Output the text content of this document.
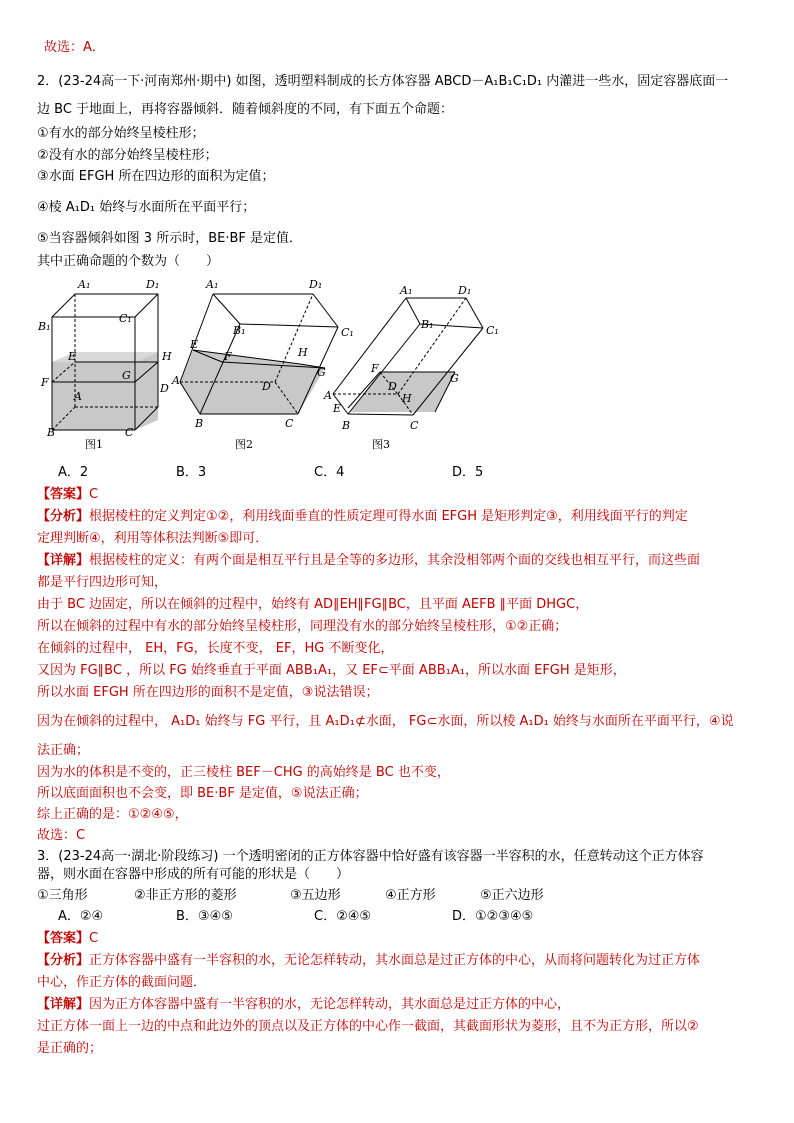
故选：A．
2．(23-24高一下·河南郑州·期中) 如图，透明塑料制成的长方体容器 ABCD－A₁B₁C₁D₁ 内灌进一些水，固定容器底面一
边 BC 于地面上，再将容器倾斜．随着倾斜度的不同，有下面五个命题：
①有水的部分始终呈棱柱形；
②没有水的部分始终呈棱柱形；
③水面 EFGH 所在四边形的面积为定值；
④棱 A₁D₁ 始终与水面所在平面平行；
⑤当容器倾斜如图 3 所示时，BE·BF 是定值．
其中正确命题的个数为（　　）
A₁	D₁
B₁
C₁
E	H
F
G
A
D
B	C
图1
A₁	D₁
B₁	C₁
E
F	H
A
G
D
B	C
图2
A₁	D₁
B₁	C₁
F
G
D
A	H
E
B	C
图3
A．2	B．3	C．4	D．5
【答案】C
【分析】根据棱柱的定义判定①②，利用线面垂直的性质定理可得水面 EFGH 是矩形判定③，利用线面平行的判定
定理判断④，利用等体积法判断⑤即可．
【详解】根据棱柱的定义：有两个面是相互平行且是全等的多边形，其余没相邻两个面的交线也相互平行，而这些面
都是平行四边形可知，
由于 BC 边固定，所以在倾斜的过程中，始终有 AD∥EH∥FG∥BC，且平面 AEFB ∥平面 DHGC，
所以在倾斜的过程中有水的部分始终呈棱柱形，同理没有水的部分始终呈棱柱形，①②正确；
在倾斜的过程中， EH，FG，长度不变， EF，HG 不断变化，
又因为 FG∥BC ，所以 FG 始终垂直于平面 ABB₁A₁，又 EF⊂平面 ABB₁A₁，所以水面 EFGH 是矩形，
所以水面 EFGH 所在四边形的面积不是定值，③说法错误；
因为在倾斜的过程中， A₁D₁ 始终与 FG 平行，且 A₁D₁⊄水面， FG⊂水面，所以棱 A₁D₁ 始终与水面所在平面平行，④说
法正确；
因为水的体积是不变的，正三棱柱 BEF－CHG 的高始终是 BC 也不变，
所以底面面积也不会变，即 BE·BF 是定值，⑤说法正确；
综上正确的是：①②④⑤，
故选：C
3．(23-24高一·湖北·阶段练习) 一个透明密闭的正方体容器中恰好盛有该容器一半容积的水，任意转动这个正方体容
器，则水面在容器中形成的所有可能的形状是（　　）
①三角形	②非正方形的菱形	③五边形	④正方形	⑤正六边形
A．②④	B．③④⑤	C．②④⑤	D．①②③④⑤
【答案】C
【分析】正方体容器中盛有一半容积的水，无论怎样转动，其水面总是过正方体的中心，从而将问题转化为过正方体
中心，作正方体的截面问题．
【详解】因为正方体容器中盛有一半容积的水，无论怎样转动，其水面总是过正方体的中心，
过正方体一面上一边的中点和此边外的顶点以及正方体的中心作一截面，其截面形状为菱形，且不为正方形，所以②
是正确的；
